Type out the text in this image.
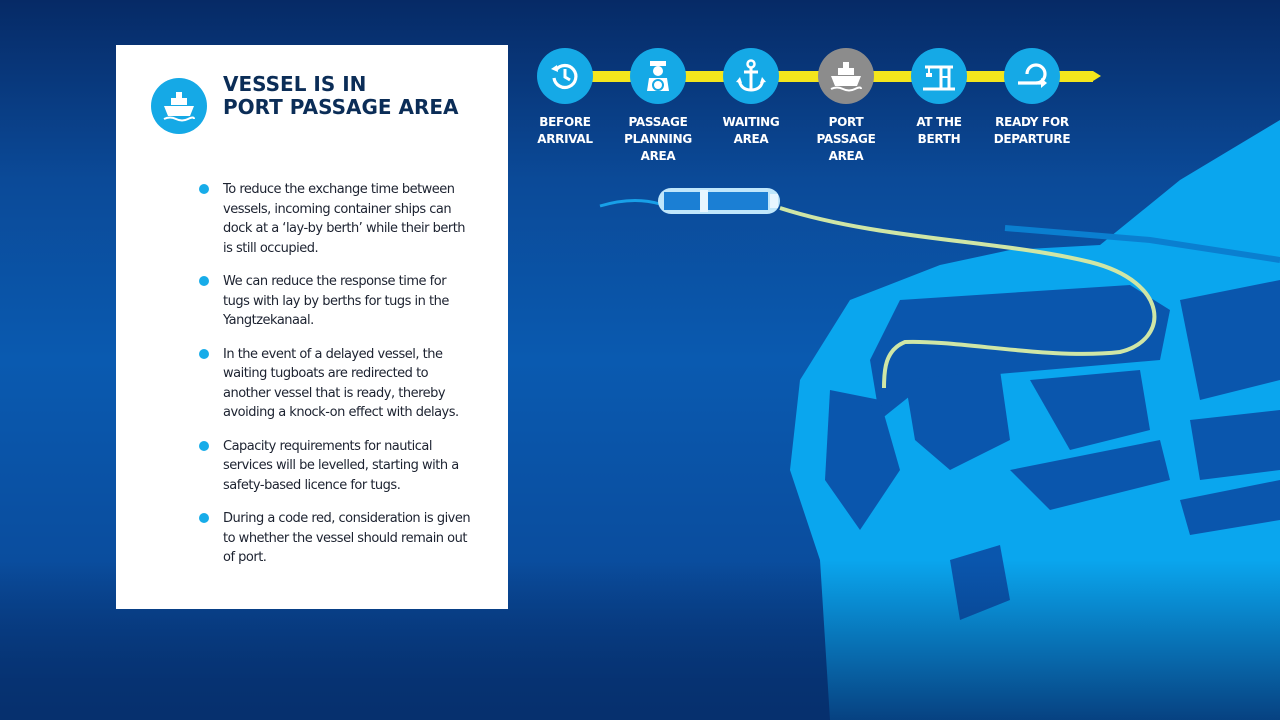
VESSEL IS IN
PORT PASSAGE AREA
To reduce the exchange time between vessels, incoming container ships can dock at a ‘lay-by berth’ while their berth is still occupied.
We can reduce the response time for tugs with lay by berths for tugs in the Yangtzekanaal.
In the event of a delayed vessel, the waiting tugboats are redirected to another vessel that is ready, thereby avoiding a knock-on effect with delays.
Capacity requirements for nautical services will be levelled, starting with a safety-based licence for tugs.
During a code red, consideration is given to whether the vessel should remain out of port.
BEFORE
ARRIVAL
PASSAGE
PLANNING
AREA
WAITING
AREA
PORT
PASSAGE
AREA
AT THE
BERTH
READY FOR
DEPARTURE
